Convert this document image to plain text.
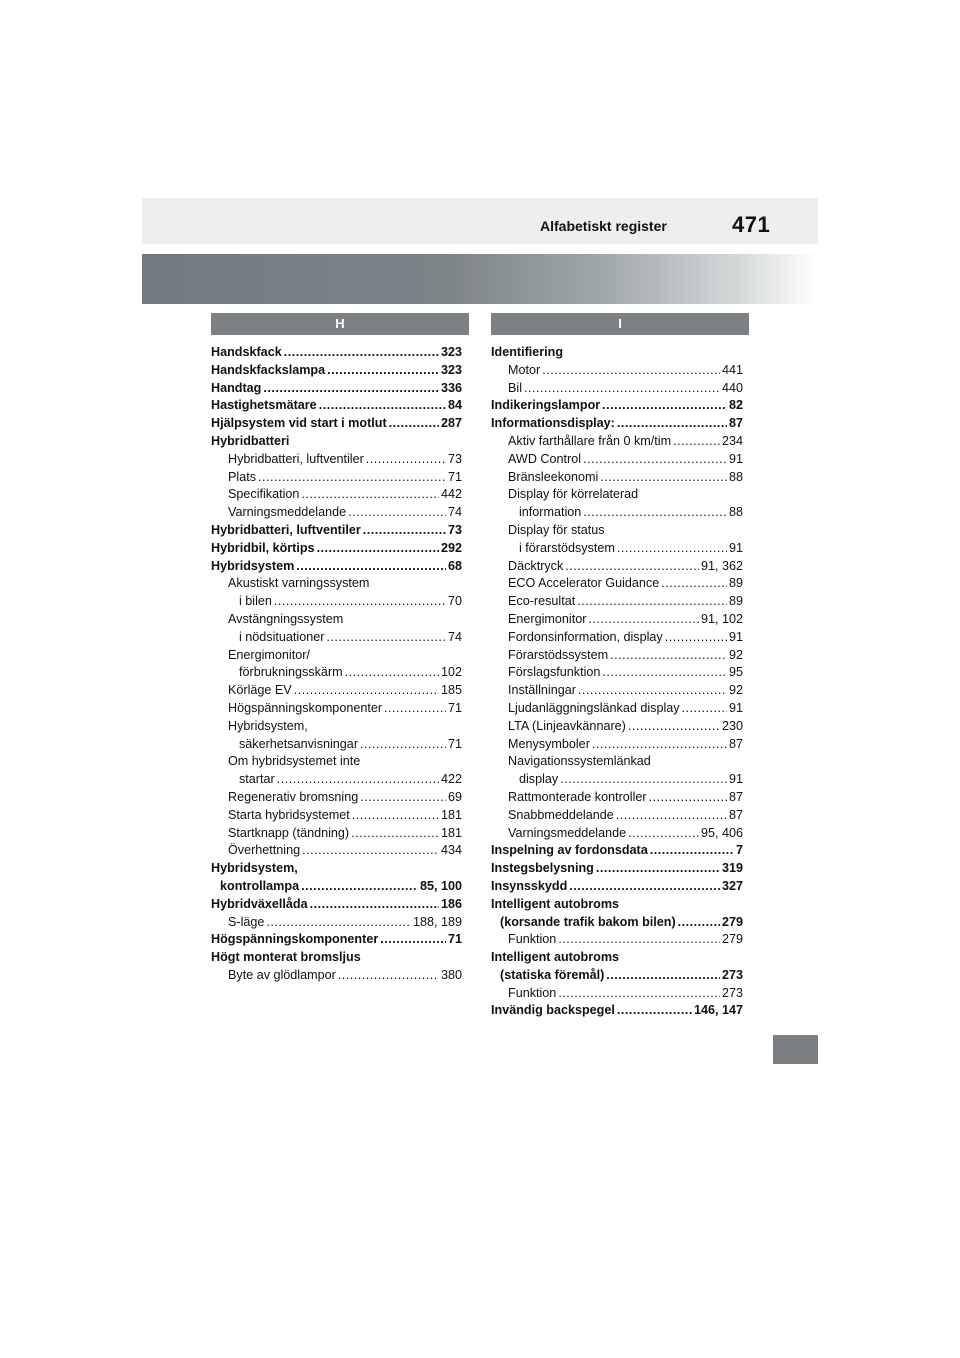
Alfabetiskt register	471
H	I
Handskfack .....	323
Handskfackslampa .....	323
Handtag .....	336
Hastighetsmätare .....	84
Hjälpsystem vid start i motlut .....	287
Hybridbatteri
Hybridbatteri, luftventiler .....	73
Plats .....	71
Specifikation .....	442
Varningsmeddelande .....	74
Hybridbatteri, luftventiler .....	73
Hybridbil, körtips .....	292
Hybridsystem .....	68
Akustiskt varningssystem
i bilen .....	70
Avstängningssystem
i nödsituationer .....	74
Energimonitor/
förbrukningsskärm .....	102
Körläge EV .....	185
Högspänningskomponenter .....	71
Hybridsystem,
säkerhetsanvisningar .....	71
Om hybridsystemet inte
startar .....	422
Regenerativ bromsning .....	69
Starta hybridsystemet .....	181
Startknapp (tändning) .....	181
Överhettning .....	434
Hybridsystem,
kontrollampa .....	85, 100
Hybridväxellåda .....	186
S-läge .....	188, 189
Högspänningskomponenter .....	71
Högt monterat bromsljus
Byte av glödlampor .....	380
Identifiering
Motor .....	441
Bil .....	440
Indikeringslampor .....	82
Informationsdisplay: .....	87
Aktiv farthållare från 0 km/tim .....	234
AWD Control .....	91
Bränsleekonomi .....	88
Display för körrelaterad
information .....	88
Display för status
i förarstödsystem .....	91
Däcktryck .....	91, 362
ECO Accelerator Guidance .....	89
Eco-resultat .....	89
Energimonitor .....	91, 102
Fordonsinformation, display .....	91
Förarstödssystem .....	92
Förslagsfunktion .....	95
Inställningar .....	92
Ljudanläggningslänkad display .....	91
LTA (Linjeavkännare) .....	230
Menysymboler .....	87
Navigationssystemlänkad
display .....	91
Rattmonterade kontroller .....	87
Snabbmeddelande .....	87
Varningsmeddelande .....	95, 406
Inspelning av fordonsdata .....	7
Instegsbelysning .....	319
Insynsskydd .....	327
Intelligent autobroms
(korsande trafik bakom bilen) .....	279
Funktion .....	279
Intelligent autobroms
(statiska föremål) .....	273
Funktion .....	273
Invändig backspegel .....	146, 147
